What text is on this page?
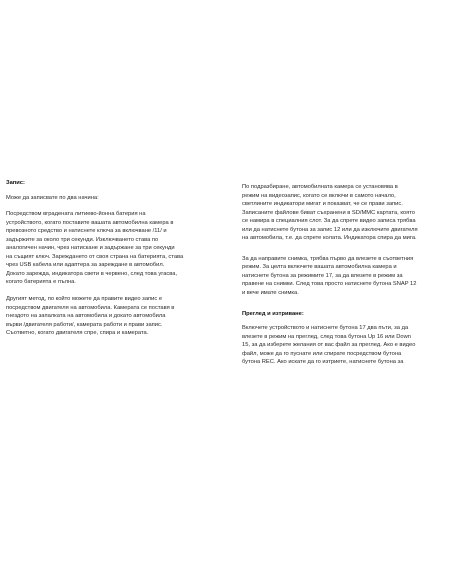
Запис:

Може да записвате по два начина:

Посредством вградената литиево-йонна батерия на
устройството, когато поставите вашата автомобилна камера в
превозното средство и натиснете ключа за включване /11/ и
задържите за около три секунди. Изключването става по
аналогичен начин, чрез натискане и задържане за три секунди
на същият ключ. Зареждането от своя страна на батерията, става
чрез USB кабела или адаптера за зареждане в автомобил.
Докато зарежда, индикатора свети в червено, след това угасва,
когато батерията е пълна.

Другият метод, по който можете да правите видео запис е
посредством двигателя на автомобила. Камерата се поставя в
гнездото на запалката на автомобила и докато автомобила
върви /двигателя работи/, камерата работи и прави запис.
Съответно, когато двигателя спре, спира и камерата.

По подразбиране, автомобилната камера се установява в
режим на видеозапис, когато се включи в самото начало,
светлините индикатори мигат и показват, че се прави запис.
Записаните файлове биват съхранени в SD/MMC картата, която
се намира в специалния слот. За да спрете видео записа трябва
или да натиснете бутона за запис 12 или да изключите двигателя
на автомобила, т.е. да спрете колата. Индикатора спира да мига.

За да направите снимка, трябва първо да влезете в съответния
режим. За целта включете вашата автомобилна камера и
натиснете бутона за режимите 17, за да влезете в режим за
правене на снимки. След това просто натиснете бутона SNAP 12
и вече имате снимка.

Преглед и изтриване:

Включете устройството и натиснете бутона 17 два пъти, за да
влезете в режим на преглед, след това бутона Up 16 или Down
15, за да изберете желания от вас файл за преглед. Ако е видео
файл, може да го пуснате или спирате посредством бутона
бутона REC. Ако искате да го изтриете, натиснете бутона за
